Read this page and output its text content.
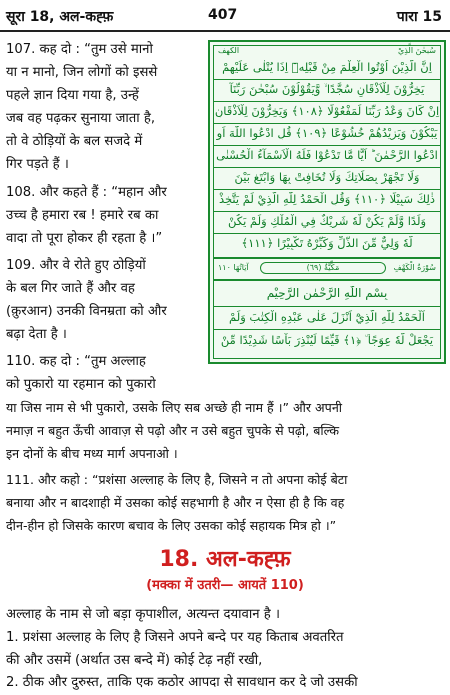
सूरा 18, अल-कह्फ़	407	पारा 15
107. कह दो : “तुम उसे मानो
या न मानो, जिन लोगों को इससे
पहले ज्ञान दिया गया है, उन्हें
जब वह पढ़कर सुनाया जाता है,
तो वे ठोड़ियों के बल सजदे में
गिर पड़ते हैं ।
108. और कहते हैं : “महान और
उच्च है हमारा रब ! हमारे रब का
वादा तो पूरा होकर ही रहता है ।”
109. और वे रोते हुए ठोड़ियों
के बल गिर जाते हैं और वह
(क़ुरआन) उनकी विनम्रता को और
बढ़ा देता है ।
110. कह दो : “तुम अल्लाह
को पुकारो या रहमान को पुकारो
या जिस नाम से भी पुकारो, उसके लिए सब अच्छे ही नाम हैं ।” और अपनी
नमाज़ न बहुत ऊँची आवाज़ से पढ़ो और न उसे बहुत चुपके से पढ़ो, बल्कि
इन दोनों के बीच मध्य मार्ग अपनाओ ।
111. और कहो : “प्रशंसा अल्लाह के लिए है, जिसने न तो अपना कोई बेटा
बनाया और न बादशाही में उसका कोई सहभागी है और न ऐसा ही है कि वह
दीन-हीन हो जिसके कारण बचाव के लिए उसका कोई सहायक मित्र हो ।”
الكهف	سُبحٰنَ الَّذِيْ
اِنَّ الَّذِيْنَ اُوْتُوا الْعِلْمَ مِنْ قَبْلِهٖٓ اِذَا يُتْلٰى عَلَيْهِمْ
يَخِرُّوْنَ لِلْاَذْقَانِ سُجَّدًا ۙ وَّيَقُوْلُوْنَ سُبْحٰنَ رَبِّنَآ
اِنْ كَانَ وَعْدُ رَبِّنَا لَمَفْعُوْلًا ﴿١٠٨﴾ وَيَخِرُّوْنَ لِلْاَذْقَانِ
يَبْكُوْنَ وَيَزِيْدُهُمْ خُشُوْعًا ﴿١٠٩﴾ قُلِ ادْعُوا اللّٰهَ اَوِ
ادْعُوا الرَّحْمٰنَ ؕ اَيًّا مَّا تَدْعُوْا فَلَهُ الْاَسْمَآءُ الْحُسْنٰى
وَلَا تَجْهَرْ بِصَلَاتِكَ وَلَا تُخَافِتْ بِهَا وَابْتَغِ بَيْنَ
ذٰلِكَ سَبِيْلًا ﴿١١٠﴾ وَقُلِ الْحَمْدُ لِلّٰهِ الَّذِيْ لَمْ يَتَّخِذْ
وَلَدًا وَّلَمْ يَكُنْ لَّهٗ شَرِيْكٌ فِي الْمُلْكِ وَلَمْ يَكُنْ
لَّهٗ وَلِيٌّ مِّنَ الذُّلِّ وَكَبِّرْهُ تَكْبِيْرًا ﴿١١١﴾
سُوْرَةُ الْكَهْفِ
مَكِّيَّةٌ (٦٩)
آيَاتُهَا ١١٠
بِسْمِ اللّٰهِ الرَّحْمٰنِ الرَّحِيْمِ
اَلْحَمْدُ لِلّٰهِ الَّذِيْٓ اَنْزَلَ عَلٰى عَبْدِهِ الْكِتٰبَ وَلَمْ
يَجْعَلْ لَّهٗ عِوَجًا ۜ ﴿١﴾ قَيِّمًا لِّيُنْذِرَ بَاْسًا شَدِيْدًا مِّنْ
18. अल-कह्फ़
(मक्का में उतरी— आयतें 110)
अल्लाह के नाम से जो बड़ा कृपाशील, अत्यन्त दयावान है ।
1. प्रशंसा अल्लाह के लिए है जिसने अपने बन्दे पर यह किताब अवतरित
की और उसमें (अर्थात उस बन्दे में) कोई टेढ़ नहीं रखी,
2. ठीक और दुरुस्त, ताकि एक कठोर आपदा से सावधान कर दे जो उसकी
